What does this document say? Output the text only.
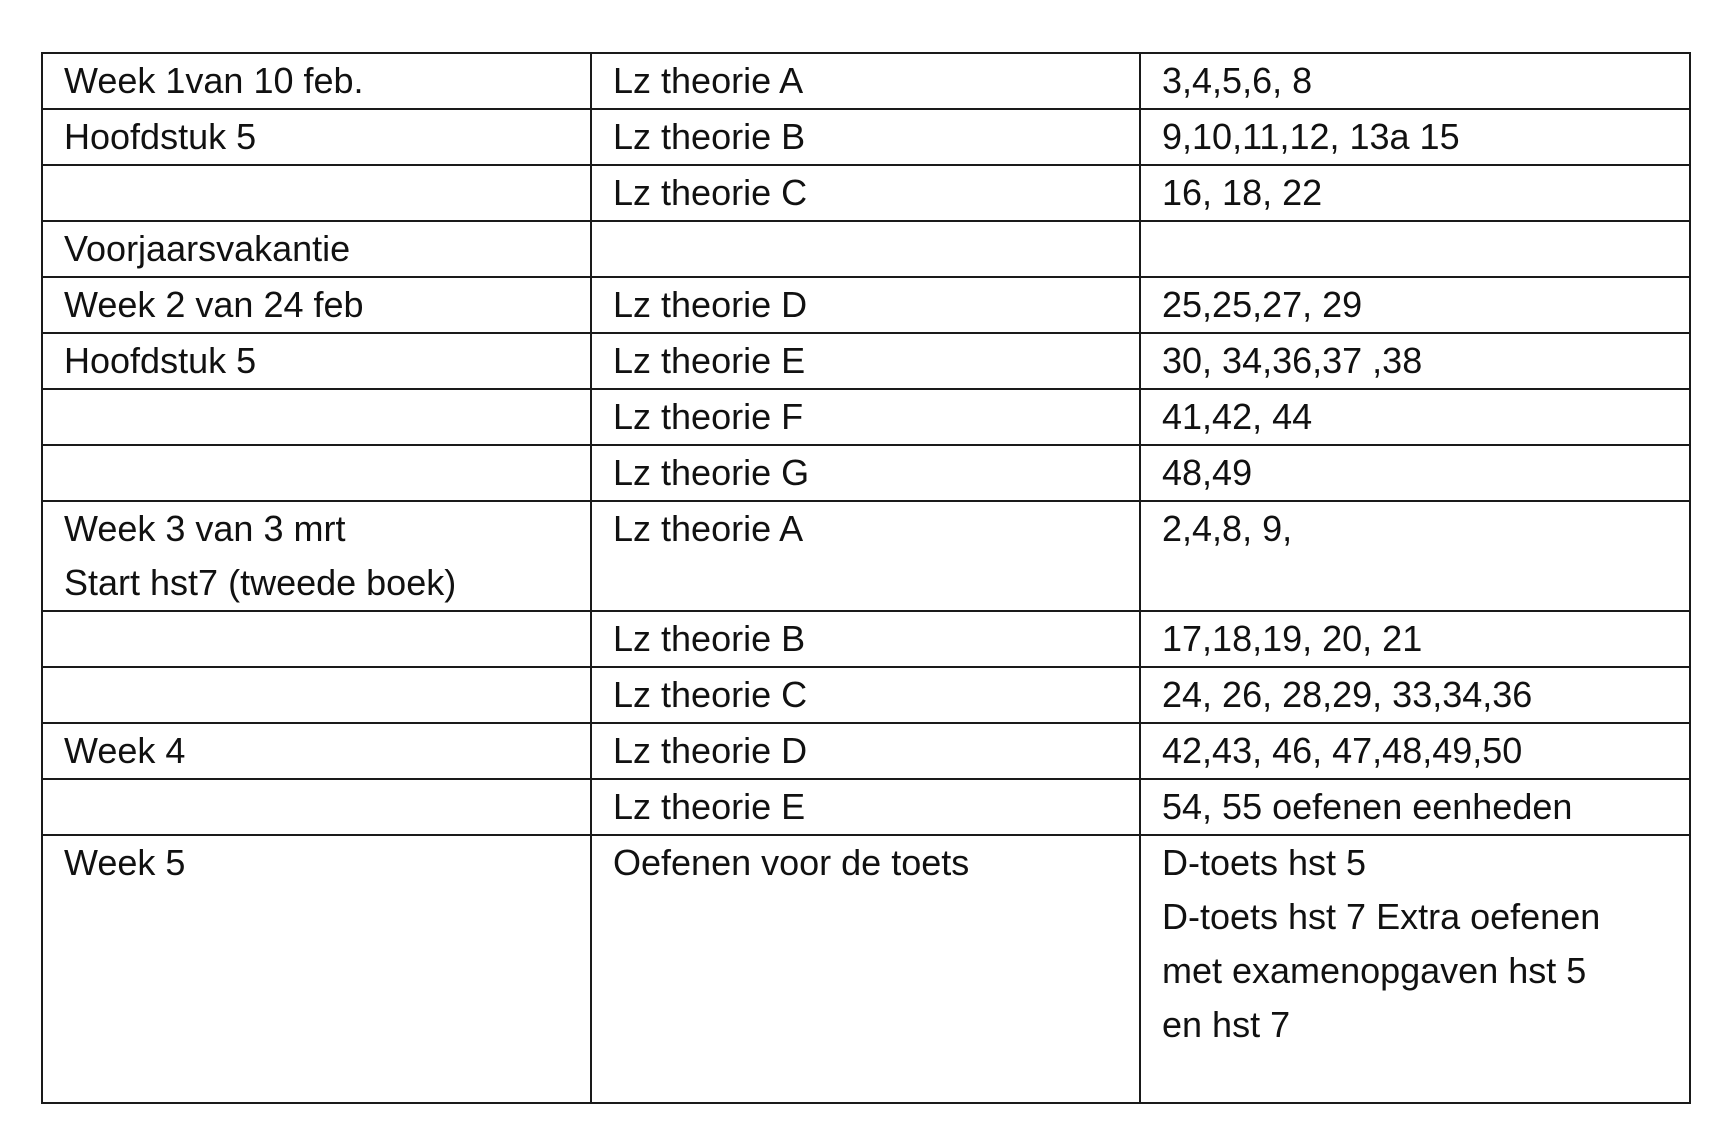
Week 1van 10 feb.	Lz theorie A	3,4,5,6, 8

Hoofdstuk 5	Lz theorie B	9,10,11,12, 13a 15

	Lz theorie C	16, 18, 22

Voorjaarsvakantie		

Week 2 van 24 feb	Lz theorie D	25,25,27, 29

Hoofdstuk 5	Lz theorie E	30, 34,36,37 ,38

	Lz theorie F	41,42, 44

	Lz theorie G	48,49

Week 3 van 3 mrt
Start hst7 (tweede boek)	Lz theorie A	2,4,8, 9,

	Lz theorie B	17,18,19, 20, 21

	Lz theorie C	24, 26, 28,29, 33,34,36

Week 4	Lz theorie D	42,43, 46, 47,48,49,50

	Lz theorie E	54, 55 oefenen eenheden

Week 5	Oefenen voor de toets	D-toets hst 5
D-toets hst 7 Extra oefenen
met examenopgaven hst 5
en hst 7
